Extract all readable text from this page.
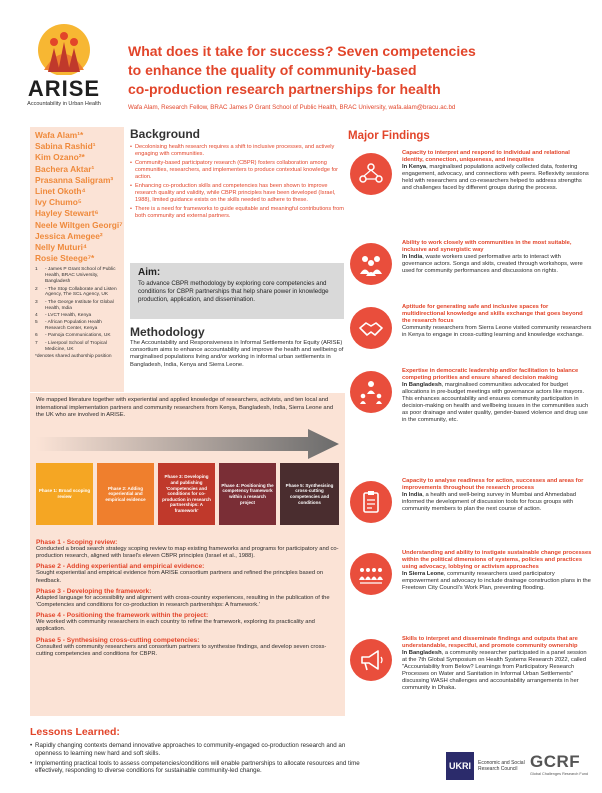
ARISE
Accountability in Urban Health
What does it take for success? Seven competencies
to enhance the quality of community-based
co-production research partnerships for health
Wafa Alam, Research Fellow, BRAC James P Grant School of Public Health, BRAC University, wafa.alam@bracu.ac.bd
Wafa Alam¹*
Sabina Rashid¹
Kim Ozano²*
Bachera Aktar¹
Prasanna Saligram³
Linet Okoth⁴
Ivy Chumo⁵
Hayley Stewart⁶
Neele Wiltgen Georgi⁷
Jessica Amegee²
Nelly Muturi⁴
Rosie Steege⁷*
1	- James P Grant School of Public Health, BRAC University, Bangladesh
2	- The Stop Collaborate and Listen Agency, The SCL Agency, UK
3	- The George Institute for Global Health, India
4	- LVCT Health, Kenya
5	- African Population Health Research Center, Kenya
6	- Pamoja Communications, UK
7	- Liverpool School of Tropical Medicine, UK
*denotes shared authorship position
Background
• Decolonising health research requires a shift to inclusive processes, and actively engaging with communities.
• Community-based participatory research (CBPR) fosters collaboration among communities, researchers, and implementers to produce contextual knowledge for action.
• Enhancing co-production skills and competencies has been shown to improve research quality and validity, while CBPR principles have been developed (Israel, 1988), limited guidance exists on the skills needed to adhere to these.
• There is a need for frameworks to guide equitable and meaningful contributions from both community and external partners.
Aim:
To advance CBPR methodology by exploring core competencies and conditions for CBPR partnerships that help share power in knowledge production, application, and dissemination.
Methodology
The Accountability and Responsiveness in Informal Settlements for Equity (ARISE) consortium aims to enhance accountability and improve the health and wellbeing of marginalised populations living and/or working in informal urban settlements in Bangladesh, India, Kenya and Sierra Leone.
We mapped literature together with experiential and applied knowledge of researchers, activists, and ten local and international implementation partners and community researchers from Kenya, Bangladesh, India, Sierra Leone and the UK who are involved in ARISE.
Phase 1: Broad scoping review
Phase 2: Adding experiential and empirical evidence
Phase 3: Developing and publishing 'Competencies and conditions for co-production in research partnerships: A framework'
Phase 4: Positioning the competency framework within a research project
Phase 5: Synthesising cross-cutting competencies and conditions
Phase 1 - Scoping review:
Conducted a broad search strategy scoping review to map existing frameworks and programs for participatory and co-production research, aligned with Israel's eleven CBPR principles (Israel et al., 1988).
Phase 2 - Adding experiential and empirical evidence:
Sought experiential and empirical evidence from ARISE consortium partners and refined the principles based on feedback.
Phase 3 - Developing the framework:
Adapted language for accessibility and alignment with cross-country experiences, resulting in the publication of the 'Competencies and conditions for co-production in research partnerships: A framework.'
Phase 4 - Positioning the framework within the project:
We worked with community researchers in each country to refine the framework, exploring its practicality and application.
Phase 5 - Synthesising cross-cutting competencies:
Consulted with community researchers and consortium partners to synthesise findings, and develop seven cross-cutting competencies and conditions for CBPR.
Lessons Learned:
• Rapidly changing contexts demand innovative approaches to community-engaged co-production research and an openness to learning new hard and soft skills.
• Implementing practical tools to assess competencies/conditions will enable partnerships to allocate resources and time effectively, responding to diverse conditions for sustainable community-led change.
Major Findings
Capacity to interpret and respond to individual and relational identity, connection, uniqueness, and inequities
In Kenya, marginalised populations actively collected data, fostering engagement, advocacy, and connections with peers. Reflexivity sessions held with researchers and co-researchers helped to address strengths and challenges faced by different groups during the process.
Ability to work closely with communities in the most suitable, inclusive and synergistic way
In India, waste workers used performative arts to interact with governance actors. Songs and skits, created through workshops, were used for community performances and discussions on rights.
Aptitude for generating safe and inclusive spaces for multidirectional knowledge and skills exchange that goes beyond the research focus
Community researchers from Sierra Leone visited community researchers in Kenya to engage in cross-cutting learning and knowledge exchange.
Expertise in democratic leadership and/or facilitation to balance competing priorities and ensure shared decision making
In Bangladesh, marginalised communities advocated for budget allocations in pre-budget meetings with governance actors like mayors. This enhances accountability and ensures community participation in decision-making on health and wellbeing issues in the communities such as poor drainage and water quality, gender-based violence and drug use in the community, etc.
Capacity to analyse readiness for action, successes and areas for improvements throughout the research process
In India, a health and well-being survey in Mumbai and Ahmedabad informed the development of discussion tools for focus groups with community members to plan the next course of action.
Understanding and ability to instigate sustainable change processes within the political dimensions of systems, policies and practices using advocacy, lobbying or activism approaches
In Sierra Leone, community researchers used participatory empowerment and advocacy to include drainage construction plans in the Freetown City Council's Work Plan, preventing flooding.
Skills to interpret and disseminate findings and outputs that are understandable, respectful, and promote community ownership
In Bangladesh, a community researcher participated in a panel session at the 7th Global Symposium on Health Systems Research 2022, called "Accountability from Below? Learnings from Participatory Research Processes on Water and Sanitation in Informal Urban Settlements" discussing WASH challenges and accountability arrangements in her community in Dhaka.
UKRI	Economic and Social Research Council GCRF
Global Challenges Research Fund
